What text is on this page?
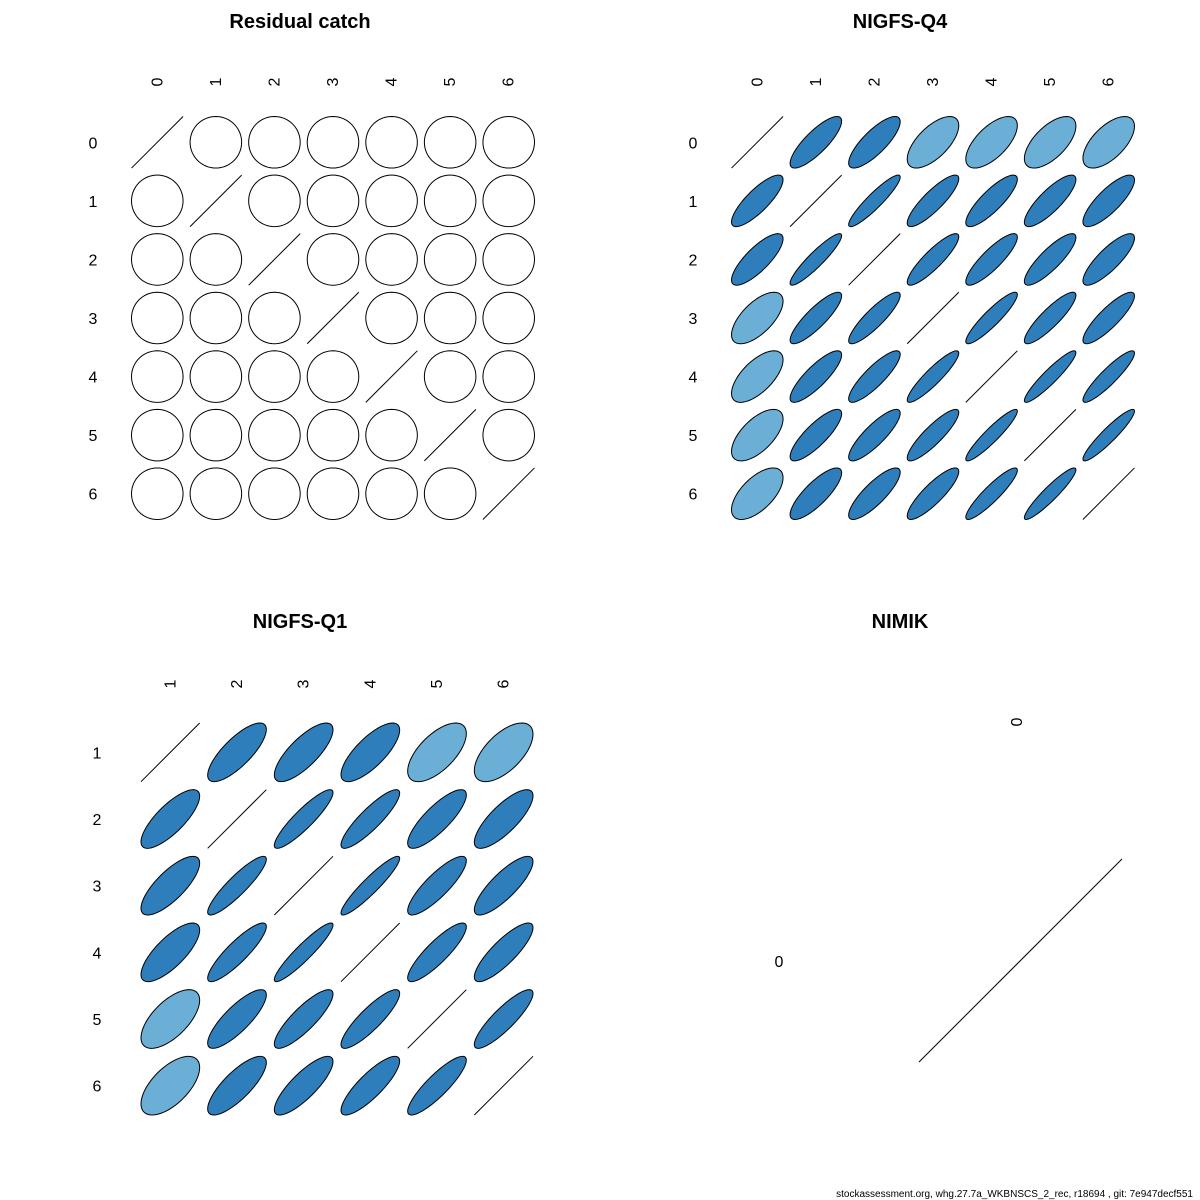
Residual catch
0	1	2	3	4	5	6
0
1
2
3
4
5
6
NIGFS-Q4
0	1	2	3	4	5	6
0
1
2
3
4
5
6
NIGFS-Q1
1	2	3	4	5	6
1
2
3
4
5
6
NIMIK
0
0
stockassessment.org, whg.27.7a_WKBNSCS_2_rec, r18694 , git: 7e947decf551
